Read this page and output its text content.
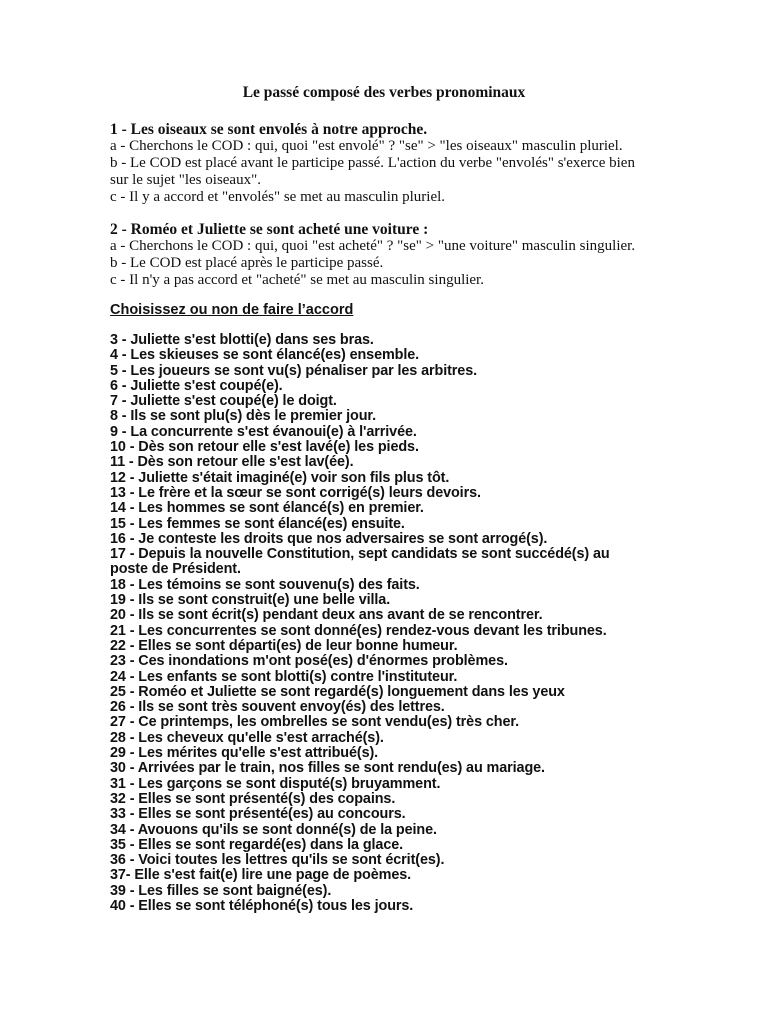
Le passé composé des verbes pronominaux
1 - Les oiseaux se sont envolés à notre approche.
a - Cherchons le COD : qui, quoi "est envolé" ? "se" > "les oiseaux" masculin pluriel.
b - Le COD est placé avant le participe passé. L'action du verbe "envolés" s'exerce bien
sur le sujet "les oiseaux".
c - Il y a accord et "envolés" se met au masculin pluriel.
2 - Roméo et Juliette se sont acheté une voiture :
a - Cherchons le COD : qui, quoi "est acheté" ? "se" > "une voiture" masculin singulier.
b - Le COD est placé après le participe passé.
c - Il n'y a pas accord et "acheté" se met au masculin singulier.
Choisissez ou non de faire l’accord
3 - Juliette s'est blotti(e) dans ses bras.
4 - Les skieuses se sont élancé(es) ensemble.
5 - Les joueurs se sont vu(s) pénaliser par les arbitres.
6 - Juliette s'est coupé(e).
7 - Juliette s'est coupé(e) le doigt.
8 - Ils se sont plu(s) dès le premier jour.
9 - La concurrente s'est évanoui(e) à l'arrivée.
10 - Dès son retour elle s'est lavé(e) les pieds.
11 - Dès son retour elle s'est lav(ée).
12 - Juliette s'était imaginé(e) voir son fils plus tôt.
13 - Le frère et la sœur se sont corrigé(s) leurs devoirs.
14 - Les hommes se sont élancé(s) en premier.
15 - Les femmes se sont élancé(es) ensuite.
16 - Je conteste les droits que nos adversaires se sont arrogé(s).
17 - Depuis la nouvelle Constitution, sept candidats se sont succédé(s) au poste de Président.
18 - Les témoins se sont souvenu(s) des faits.
19 - Ils se sont construit(e) une belle villa.
20 - Ils se sont écrit(s) pendant deux ans avant de se rencontrer.
21 - Les concurrentes se sont donné(es) rendez-vous devant les tribunes.
22 - Elles se sont départi(es) de leur bonne humeur.
23 - Ces inondations m'ont posé(es) d'énormes problèmes.
24 - Les enfants se sont blotti(s) contre l'instituteur.
25 - Roméo et Juliette se sont regardé(s) longuement dans les yeux
26 - Ils se sont très souvent envoy(és) des lettres.
27 - Ce printemps, les ombrelles se sont vendu(es) très cher.
28 - Les cheveux qu'elle s'est arraché(s).
29 - Les mérites qu'elle s'est attribué(s).
30 - Arrivées par le train, nos filles se sont rendu(es) au mariage.
31 - Les garçons se sont disputé(s) bruyamment.
32 - Elles se sont présenté(s) des copains.
33 - Elles se sont présenté(es) au concours.
34 - Avouons qu'ils se sont donné(s) de la peine.
35 - Elles se sont regardé(es) dans la glace.
36 - Voici toutes les lettres qu'ils se sont écrit(es).
37- Elle s'est fait(e) lire une page de poèmes.
39 - Les filles se sont baigné(es).
40 - Elles se sont téléphoné(s) tous les jours.
